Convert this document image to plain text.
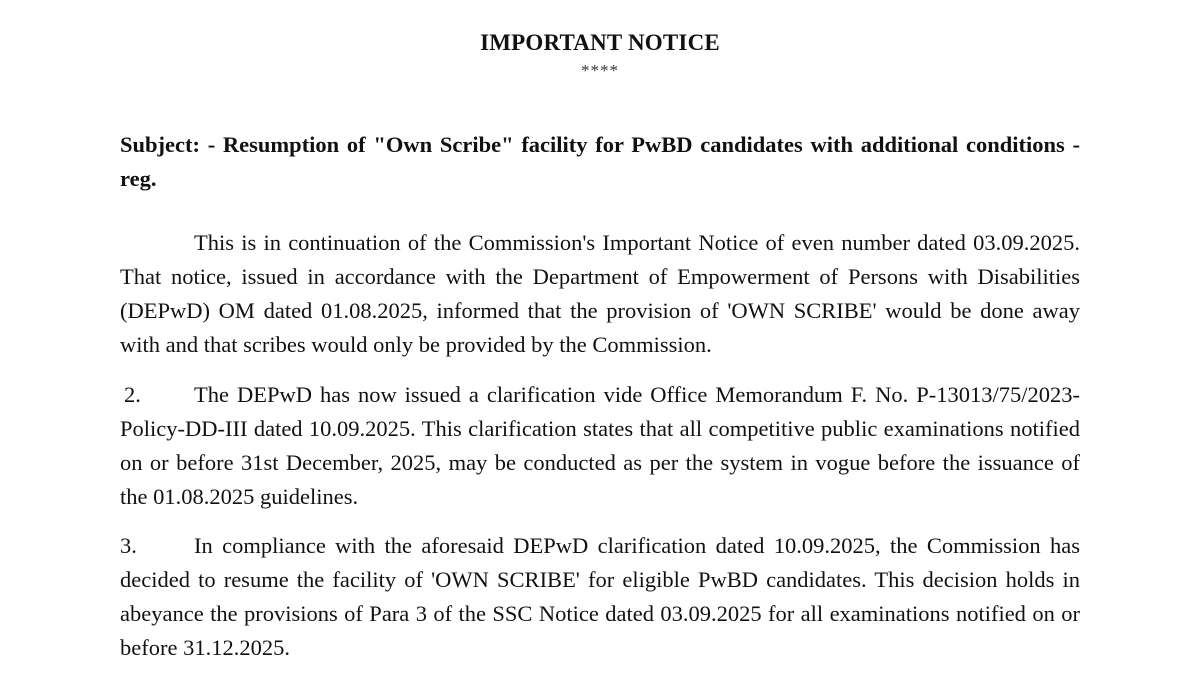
IMPORTANT NOTICE
****
Subject: - Resumption of "Own Scribe" facility for PwBD candidates with additional conditions - reg.
This is in continuation of the Commission's Important Notice of even number dated 03.09.2025. That notice, issued in accordance with the Department of Empowerment of Persons with Disabilities (DEPwD) OM dated 01.08.2025, informed that the provision of 'OWN SCRIBE' would be done away with and that scribes would only be provided by the Commission.
2. The DEPwD has now issued a clarification vide Office Memorandum F. No. P-13013/75/2023-Policy-DD-III dated 10.09.2025. This clarification states that all competitive public examinations notified on or before 31st December, 2025, may be conducted as per the system in vogue before the issuance of the 01.08.2025 guidelines.
3.	In compliance with the aforesaid DEPwD clarification dated 10.09.2025, the Commission has decided to resume the facility of 'OWN SCRIBE' for eligible PwBD candidates. This decision holds in abeyance the provisions of Para 3 of the SSC Notice dated 03.09.2025 for all examinations notified on or before 31.12.2025.
